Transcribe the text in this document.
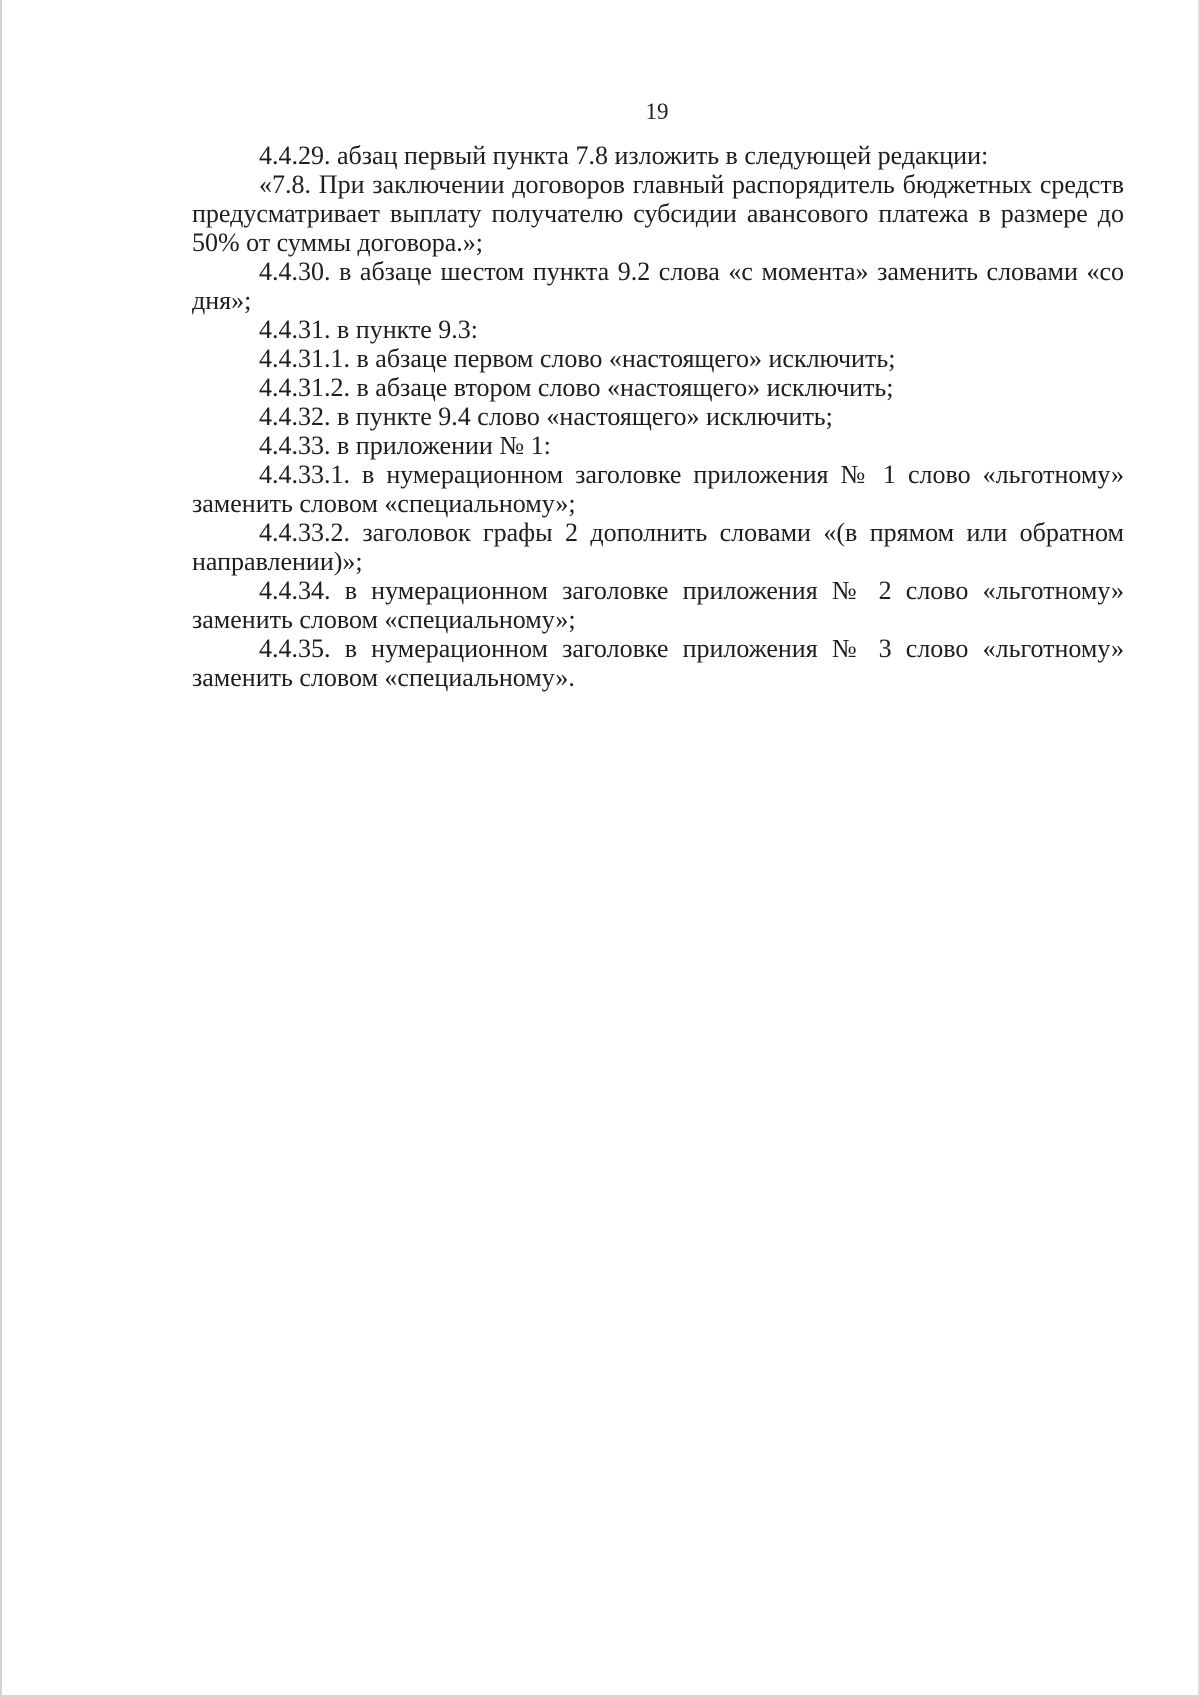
19

4.4.29. абзац первый пункта 7.8 изложить в следующей редакции:

«7.8. При заключении договоров главный распорядитель бюджетных средств предусматривает выплату получателю субсидии авансового платежа в размере до 50% от суммы договора.»;

4.4.30. в абзаце шестом пункта 9.2 слова «с момента» заменить словами «со дня»;

4.4.31. в пункте 9.3:

4.4.31.1. в абзаце первом слово «настоящего» исключить;

4.4.31.2. в абзаце втором слово «настоящего» исключить;

4.4.32. в пункте 9.4 слово «настоящего» исключить;

4.4.33. в приложении № 1:

4.4.33.1. в нумерационном заголовке приложения № 1 слово «льготному» заменить словом «специальному»;

4.4.33.2. заголовок графы 2 дополнить словами «(в прямом или обратном направлении)»;

4.4.34. в нумерационном заголовке приложения № 2 слово «льготному» заменить словом «специальному»;

4.4.35. в нумерационном заголовке приложения № 3 слово «льготному» заменить словом «специальному».
